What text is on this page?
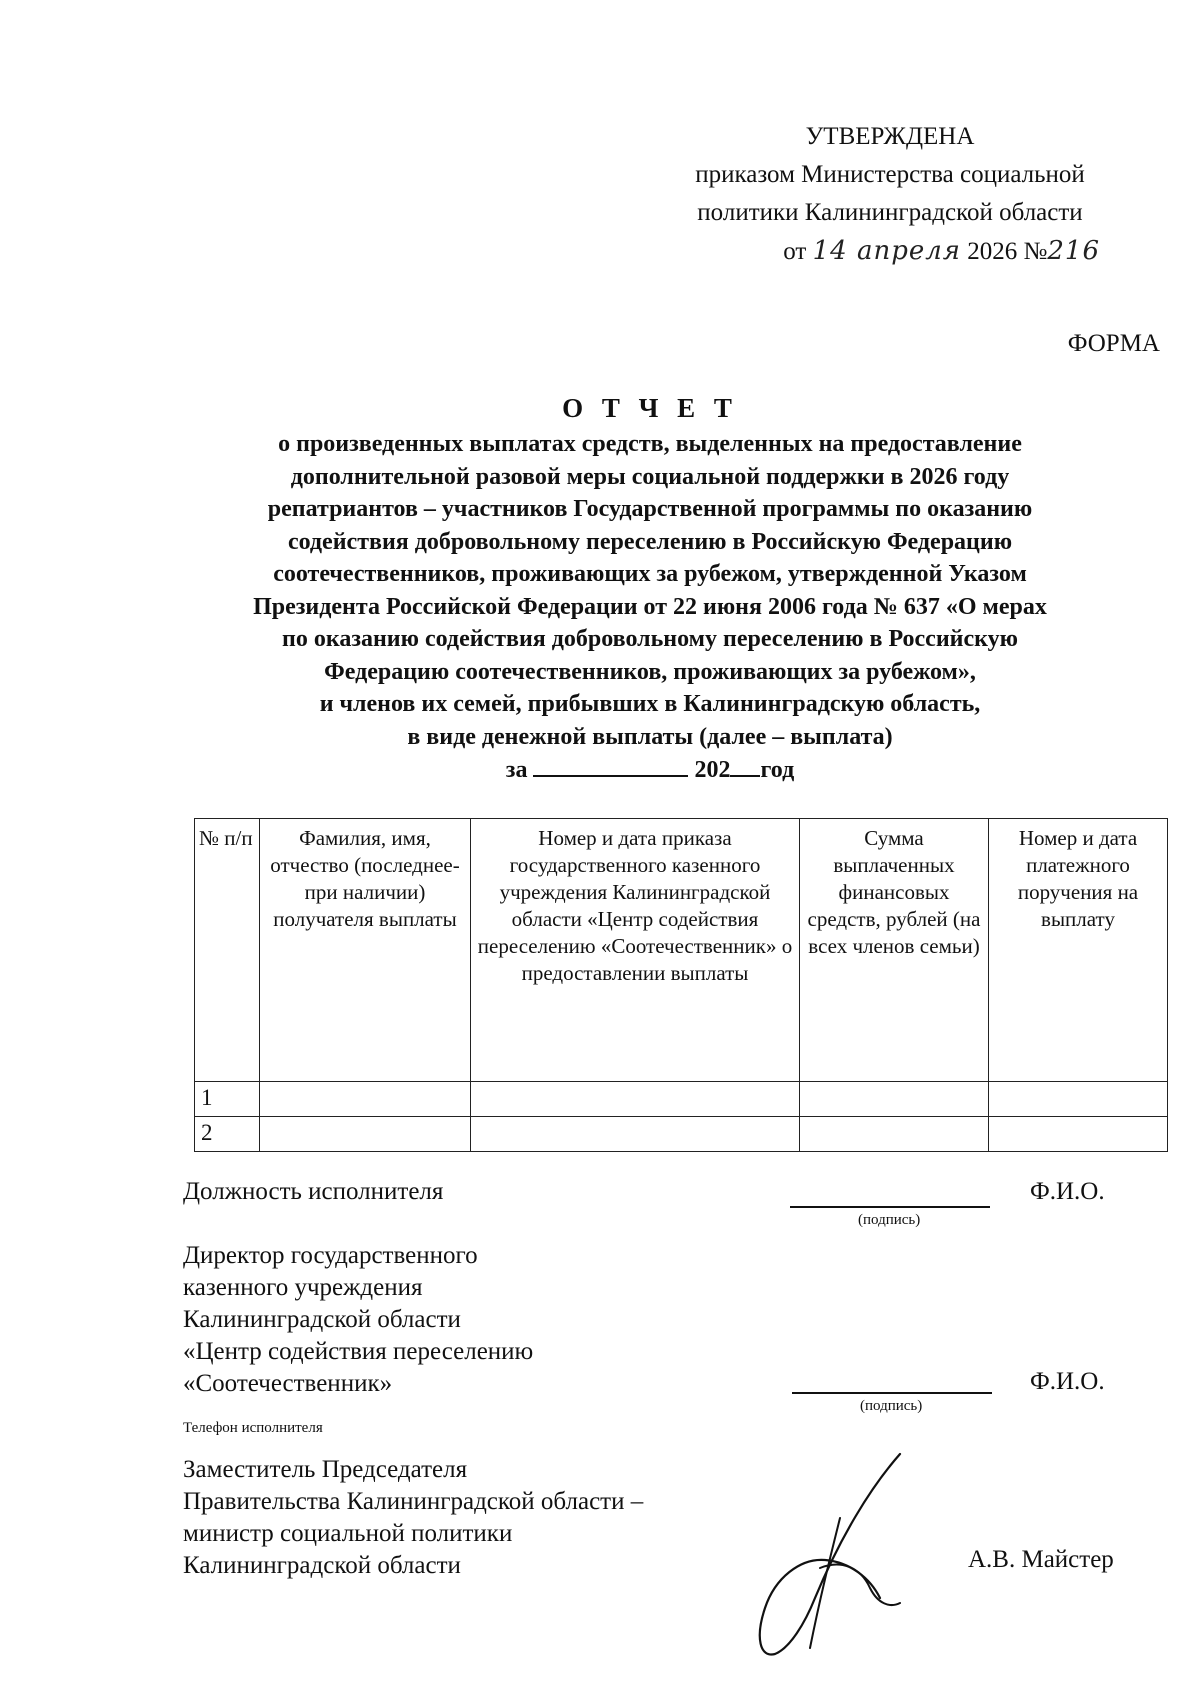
УТВЕРЖДЕНА
приказом Министерства социальной
политики Калининградской области
от 14 апреля 2026 №216
ФОРМА
О Т Ч Е Т
о произведенных выплатах средств, выделенных на предоставление
дополнительной разовой меры социальной поддержки в 2026 году
репатриантов – участников Государственной программы по оказанию
содействия добровольному переселению в Российскую Федерацию
соотечественников, проживающих за рубежом, утвержденной Указом
Президента Российской Федерации от 22 июня 2006 года № 637 «О мерах
по оказанию содействия добровольному переселению в Российскую
Федерацию соотечественников, проживающих за рубежом»,
и членов их семей, прибывших в Калининградскую область,
в виде денежной выплаты (далее – выплата)
за	202 год
№ п/п	Фамилия, имя, отчество (последнее- при наличии) получателя выплаты	Номер и дата приказа государственного казенного учреждения Калининградской области «Центр содействия переселению «Соотечественник» о предоставлении выплаты	Сумма выплаченных финансовых средств, рублей (на всех членов семьи)	Номер и дата платежного поручения на выплату
1				
2				
Должность исполнителя
(подпись)
Ф.И.О.
Директор государственного
казенного учреждения
Калининградской области
«Центр содействия переселению
«Соотечественник»
(подпись)
Ф.И.О.
Телефон исполнителя
Заместитель Председателя
Правительства Калининградской области –
министр социальной политики
Калининградской области	А.В. Майстер
